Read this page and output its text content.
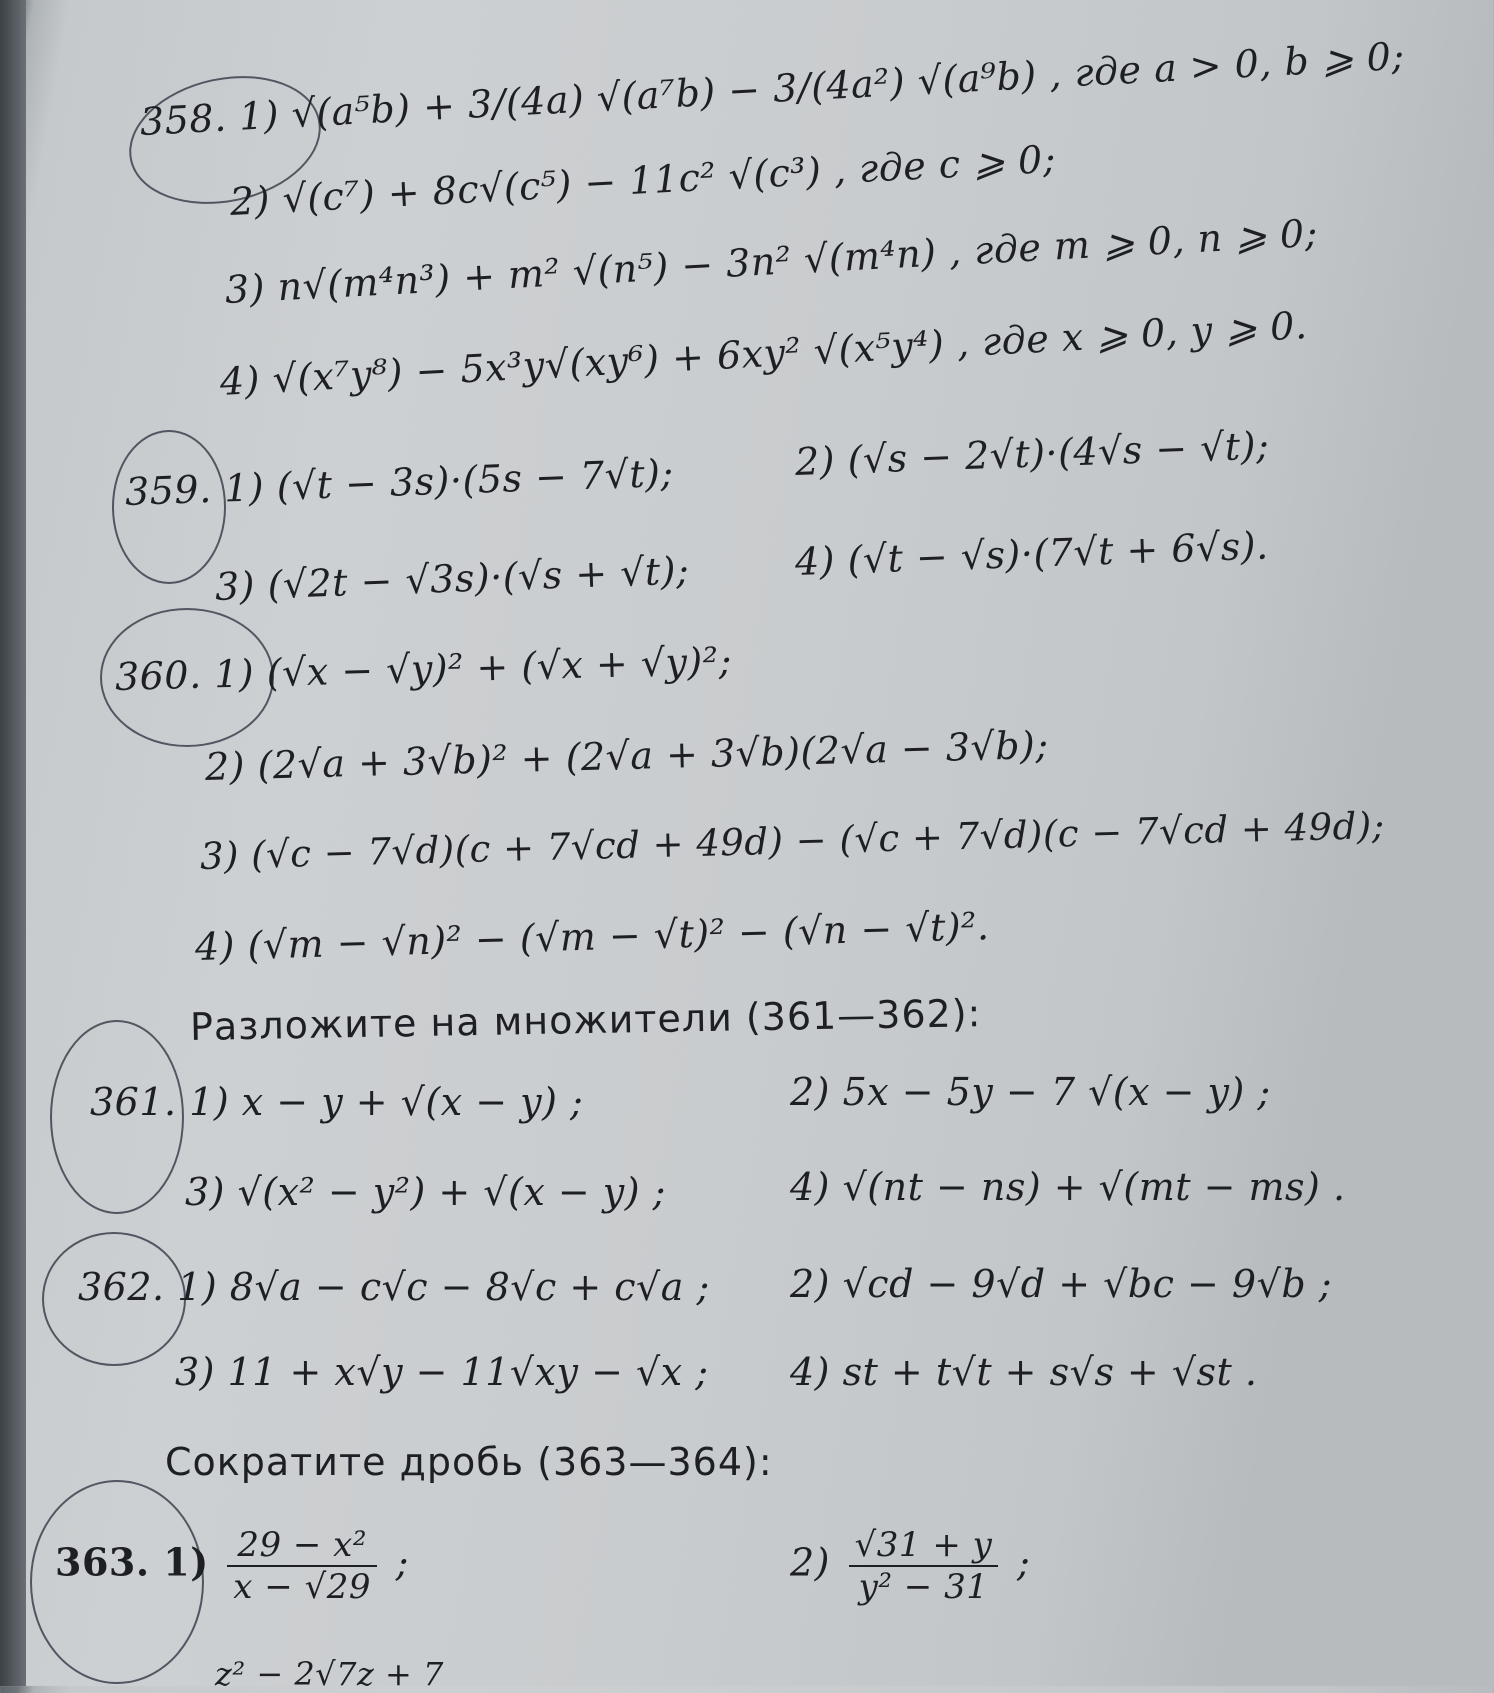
358. 1) √(a⁵b) + 3/(4a) √(a⁷b) − 3/(4a²) √(a⁹b) , где a > 0, b ⩾ 0;
2) √(c⁷) + 8c√(c⁵) − 11c² √(c³) , где c ⩾ 0;
3) n√(m⁴n³) + m² √(n⁵) − 3n² √(m⁴n) , где m ⩾ 0, n ⩾ 0;
4) √(x⁷y⁸) − 5x³y√(xy⁶) + 6xy² √(x⁵y⁴) , где x ⩾ 0, y ⩾ 0.
359. 1) (√t − 3s)·(5s − 7√t);	2) (√s − 2√t)·(4√s − √t);
3) (√2t − √3s)·(√s + √t);	4) (√t − √s)·(7√t + 6√s).
360. 1) (√x − √y)² + (√x + √y)²;
2) (2√a + 3√b)² + (2√a + 3√b)(2√a − 3√b);
3) (√c − 7√d)(c + 7√cd + 49d) − (√c + 7√d)(c − 7√cd + 49d);
4) (√m − √n)² − (√m − √t)² − (√n − √t)².
Разложите на множители (361—362):
361. 1) x − y + √(x − y) ;	2) 5x − 5y − 7 √(x − y) ;
3) √(x² − y²) + √(x − y) ;	4) √(nt − ns) + √(mt − ms) .
362. 1) 8√a − c√c − 8√c + c√a ; 2) √cd − 9√d + √bc − 9√b ;
3) 11 + x√y − 11√xy − √x ; 4) st + t√t + s√s + √st .
Сократите дробь (363—364):
363. $1) \frac{\text{29 − x²}}{x - √29}$ ;	$2) \frac{√31 + y}{\text{y² − 31}}$ ;
z² − 2√7z + 7
